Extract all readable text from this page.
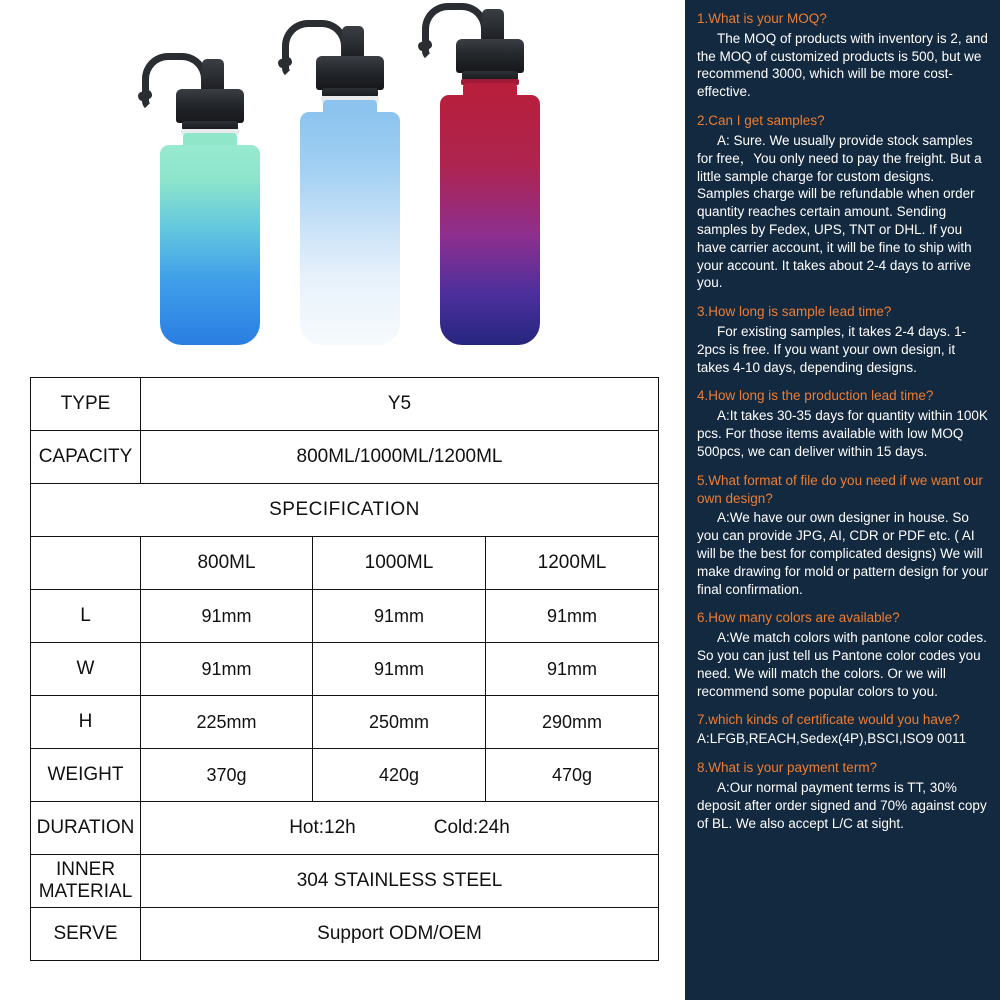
TYPE	Y5		
CAPACITY	800ML/1000ML/1200ML		
SPECIFICATION			
	800ML	1000ML	1200ML
L	91mm	91mm	91mm
W	91mm	91mm	91mm
H	225mm	250mm	290mm
WEIGHT	370g	420g	470g
DURATION	Hot:12h Cold:24h		
INNER MATERIAL	304 STAINLESS STEEL		
SERVE	Support ODM/OEM		

1.What is your MOQ?

The MOQ of products with inventory is 2, and the MOQ of customized products is 500, but we recommend 3000, which will be more cost-effective.

2.Can I get samples?

A: Sure. We usually provide stock samples for free，You only need to pay the freight. But a little sample charge for custom designs. Samples charge will be refundable when order quantity reaches certain amount. Sending samples by Fedex, UPS, TNT or DHL. If you have carrier account, it will be fine to ship with your account. It takes about 2-4 days to arrive you.

3.How long is sample lead time?

For existing samples, it takes 2-4 days. 1-2pcs is free. If you want your own design, it takes 4-10 days, depending designs.

4.How long is the production lead time?

A:It takes 30-35 days for quantity within 100K pcs. For those items available with low MOQ 500pcs, we can deliver within 15 days.

5.What format of file do you need if we want our own design?

A:We have our own designer in house. So you can provide JPG, AI, CDR or PDF etc. ( AI will be the best for complicated designs) We will make drawing for mold or pattern design for your final confirmation.

6.How many colors are available?

A:We match colors with pantone color codes. So you can just tell us Pantone color codes you need. We will match the colors. Or we will recommend some popular colors to you.

7.which kinds of certificate would you have?

A:LFGB,REACH,Sedex(4P),BSCI,ISO9 0011

8.What is your payment term?

A:Our normal payment terms is TT, 30% deposit after order signed and 70% against copy of BL. We also accept L/C at sight.
